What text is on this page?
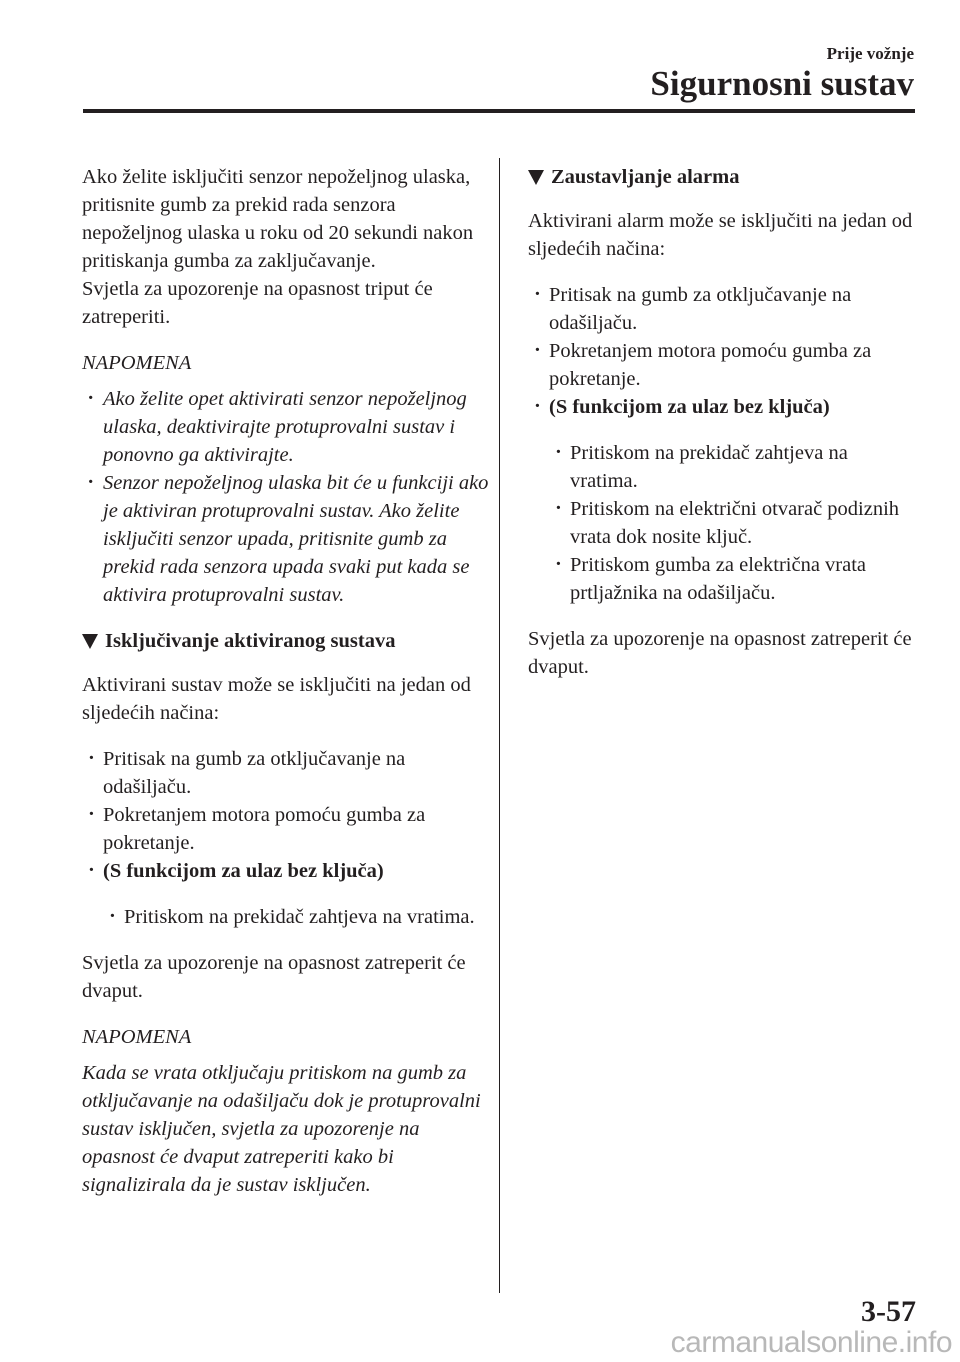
Prije vožnje
Sigurnosni sustav

Ako želite isključiti senzor nepoželjnog ulaska, pritisnite gumb za prekid rada senzora nepoželjnog ulaska u roku od 20 sekundi nakon pritiskanja gumba za zaključavanje.

Svjetla za upozorenje na opasnost triput će zatreperiti.

NAPOMENA

· Ako želite opet aktivirati senzor nepoželjnog ulaska, deaktivirajte protuprovalni sustav i ponovno ga aktivirajte.
· Senzor nepoželjnog ulaska bit će u funkciji ako je aktiviran protuprovalni sustav. Ako želite isključiti senzor upada, pritisnite gumb za prekid rada senzora upada svaki put kada se aktivira protuprovalni sustav.
Isključivanje aktiviranog sustava

Aktivirani sustav može se isključiti na jedan od sljedećih načina:

· Pritisak na gumb za otključavanje na odašiljaču.
· Pokretanjem motora pomoću gumba za pokretanje.
· (S funkcijom za ulaz bez ključa)
· Pritiskom na prekidač zahtjeva na vratima.

Svjetla za upozorenje na opasnost zatreperit će dvaput.

NAPOMENA

Kada se vrata otključaju pritiskom na gumb za otključavanje na odašiljaču dok je protuprovalni sustav isključen, svjetla za upozorenje na opasnost će dvaput zatreperiti kako bi signalizirala da je sustav isključen.

Zaustavljanje alarma

Aktivirani alarm može se isključiti na jedan od sljedećih načina:

· Pritisak na gumb za otključavanje na odašiljaču.
· Pokretanjem motora pomoću gumba za pokretanje.
· (S funkcijom za ulaz bez ključa)
· Pritiskom na prekidač zahtjeva na vratima.
· Pritiskom na električni otvarač podiznih vrata dok nosite ključ.
· Pritiskom gumba za električna vrata prtljažnika na odašiljaču.

Svjetla za upozorenje na opasnost zatreperit će dvaput.

3-57
carmanualsonline.info
